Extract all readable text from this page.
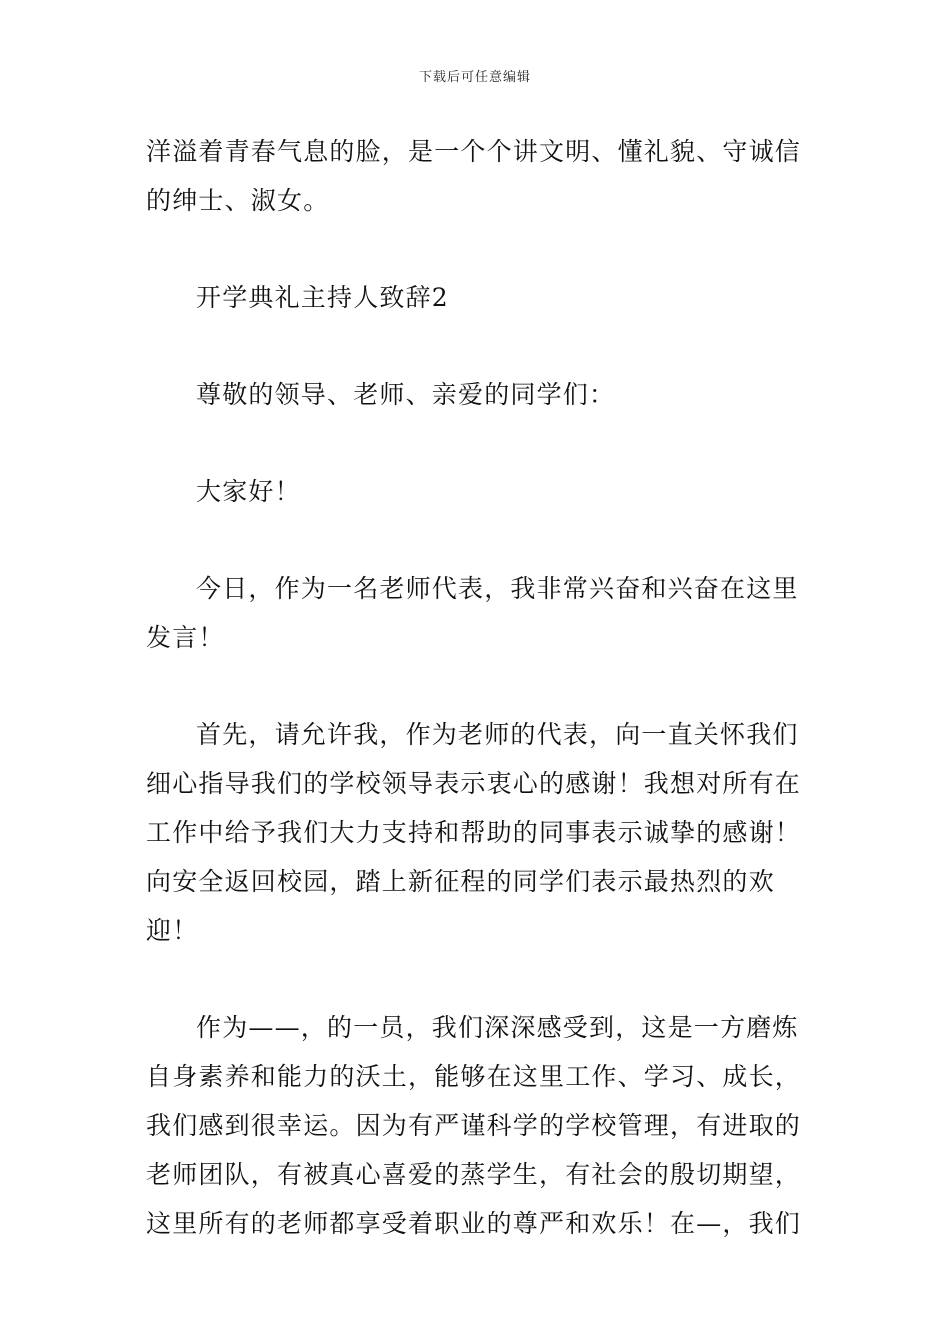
下载后可任意编辑

洋溢着青春气息的脸，是一个个讲文明、懂礼貌、守诚信的绅士、淑女。

开学典礼主持人致辞2

尊敬的领导、老师、亲爱的同学们：

大家好！

今日，作为一名老师代表，我非常兴奋和兴奋在这里发言！

首先，请允许我，作为老师的代表，向一直关怀我们细心指导我们的学校领导表示衷心的感谢！我想对所有在工作中给予我们大力支持和帮助的同事表示诚挚的感谢！向安全返回校园，踏上新征程的同学们表示最热烈的欢迎！

作为——，的一员，我们深深感受到，这是一方磨炼自身素养和能力的沃土，能够在这里工作、学习、成长，我们感到很幸运。因为有严谨科学的学校管理，有进取的老师团队，有被真心喜爱的蒸学生，有社会的殷切期望，这里所有的老师都享受着职业的尊严和欢乐！在—，我们
